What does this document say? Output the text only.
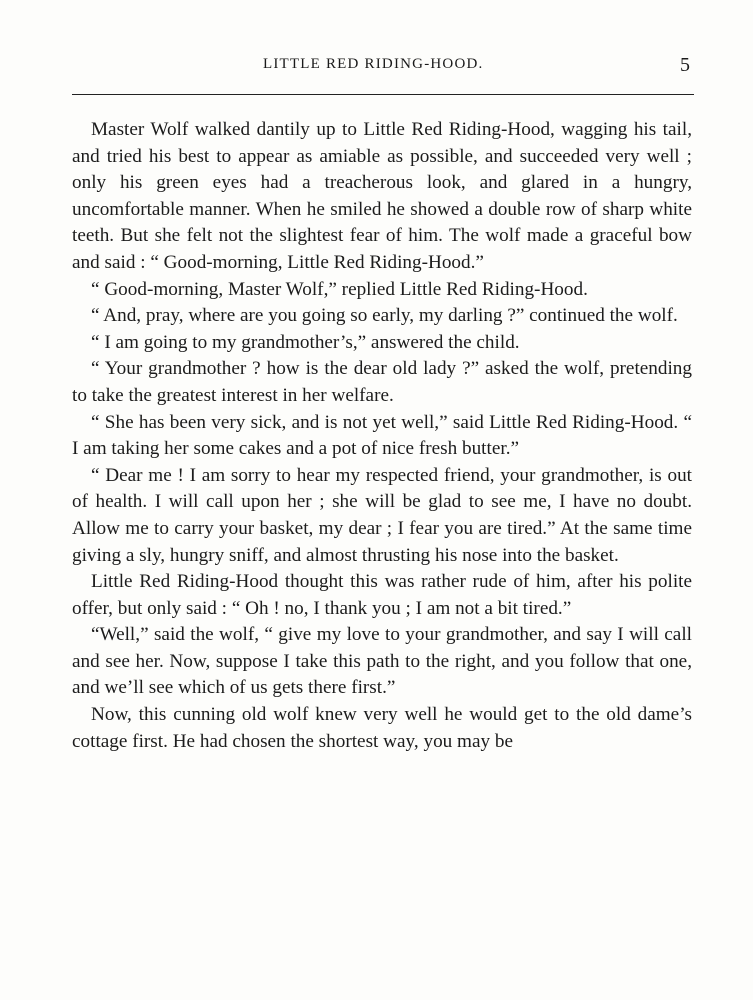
LITTLE RED RIDING-HOOD.	5

Master Wolf walked dantily up to Little Red Riding-Hood, wagging his tail, and tried his best to appear as amiable as possible, and succeeded very well ; only his green eyes had a treacherous look, and glared in a hungry, uncomfortable manner. When he smiled he showed a double row of sharp white teeth. But she felt not the slightest fear of him. The wolf made a graceful bow and said : “ Good-morning, Little Red Riding-Hood.”

“ Good-morning, Master Wolf,” replied Little Red Riding-Hood.

“ And, pray, where are you going so early, my darling ?” continued the wolf.

“ I am going to my grandmother’s,” answered the child.

“ Your grandmother ? how is the dear old lady ?” asked the wolf, pretending to take the greatest interest in her welfare.

“ She has been very sick, and is not yet well,” said Little Red Riding-Hood. “ I am taking her some cakes and a pot of nice fresh butter.”

“ Dear me ! I am sorry to hear my respected friend, your grandmother, is out of health. I will call upon her ; she will be glad to see me, I have no doubt. Allow me to carry your basket, my dear ; I fear you are tired.” At the same time giving a sly, hungry sniff, and almost thrusting his nose into the basket.

Little Red Riding-Hood thought this was rather rude of him, after his polite offer, but only said : “ Oh ! no, I thank you ; I am not a bit tired.”

“Well,” said the wolf, “ give my love to your grandmother, and say I will call and see her. Now, suppose I take this path to the right, and you follow that one, and we’ll see which of us gets there first.”

Now, this cunning old wolf knew very well he would get to the old dame’s cottage first. He had chosen the shortest way, you may be
